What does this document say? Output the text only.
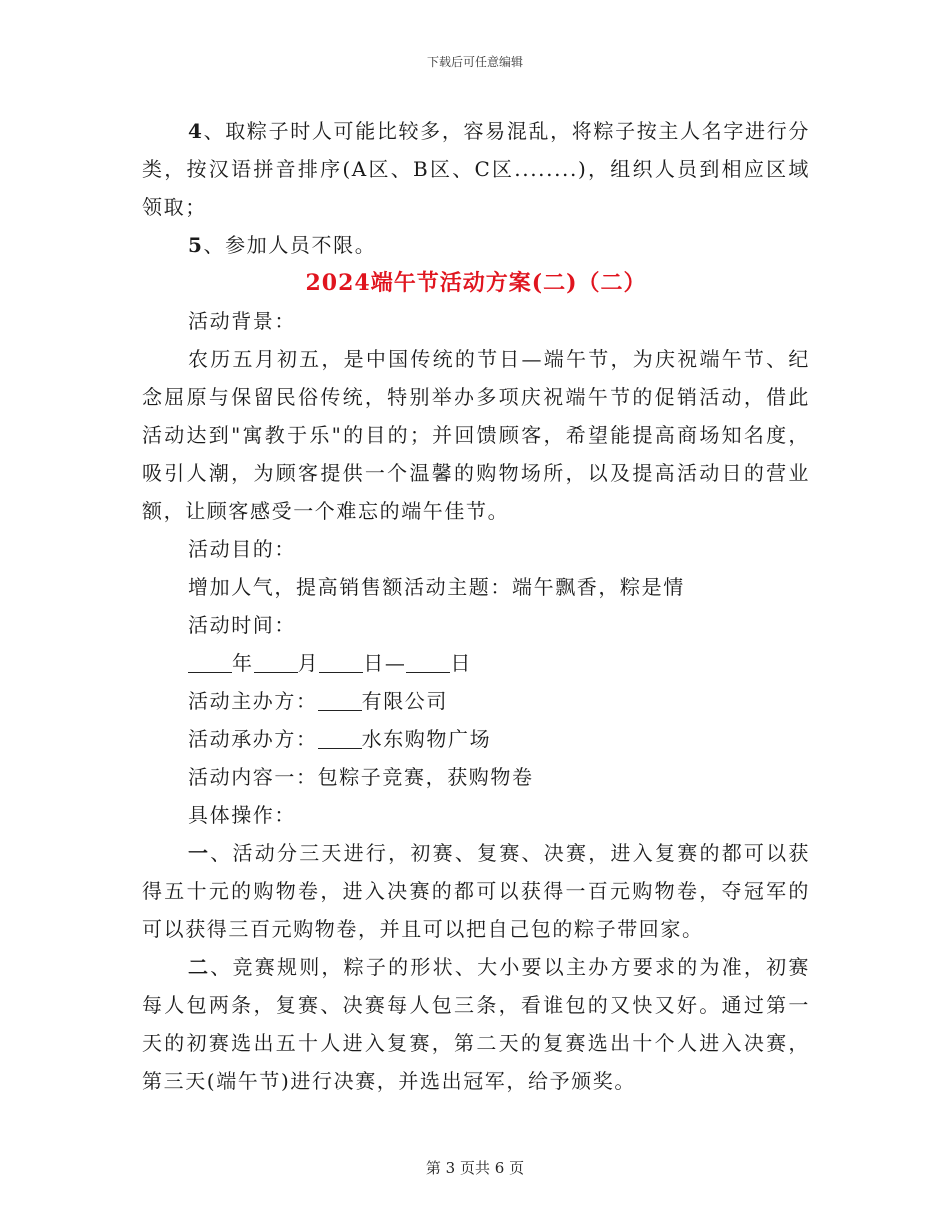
下载后可任意编辑

4、取粽子时人可能比较多，容易混乱，将粽子按主人名字进行分类，按汉语拼音排序(A区、B区、C区........)，组织人员到相应区域领取；

5、参加人员不限。

2024端午节活动方案(二)（二）

活动背景：

农历五月初五，是中国传统的节日—端午节，为庆祝端午节、纪念屈原与保留民俗传统，特别举办多项庆祝端午节的促销活动，借此活动达到"寓教于乐"的目的；并回馈顾客，希望能提高商场知名度，吸引人潮，为顾客提供一个温馨的购物场所，以及提高活动日的营业额，让顾客感受一个难忘的端午佳节。

活动目的：

增加人气，提高销售额活动主题：端午飘香，粽是情

活动时间：

年 月 日— 日

活动主办方： 有限公司

活动承办方： 水东购物广场

活动内容一：包粽子竞赛，获购物卷

具体操作：

一、活动分三天进行，初赛、复赛、决赛，进入复赛的都可以获得五十元的购物卷，进入决赛的都可以获得一百元购物卷，夺冠军的可以获得三百元购物卷，并且可以把自己包的粽子带回家。

二、竞赛规则，粽子的形状、大小要以主办方要求的为准，初赛每人包两条，复赛、决赛每人包三条，看谁包的又快又好。通过第一天的初赛选出五十人进入复赛，第二天的复赛选出十个人进入决赛，第三天(端午节)进行决赛，并选出冠军，给予颁奖。

第 3 页共 6 页
